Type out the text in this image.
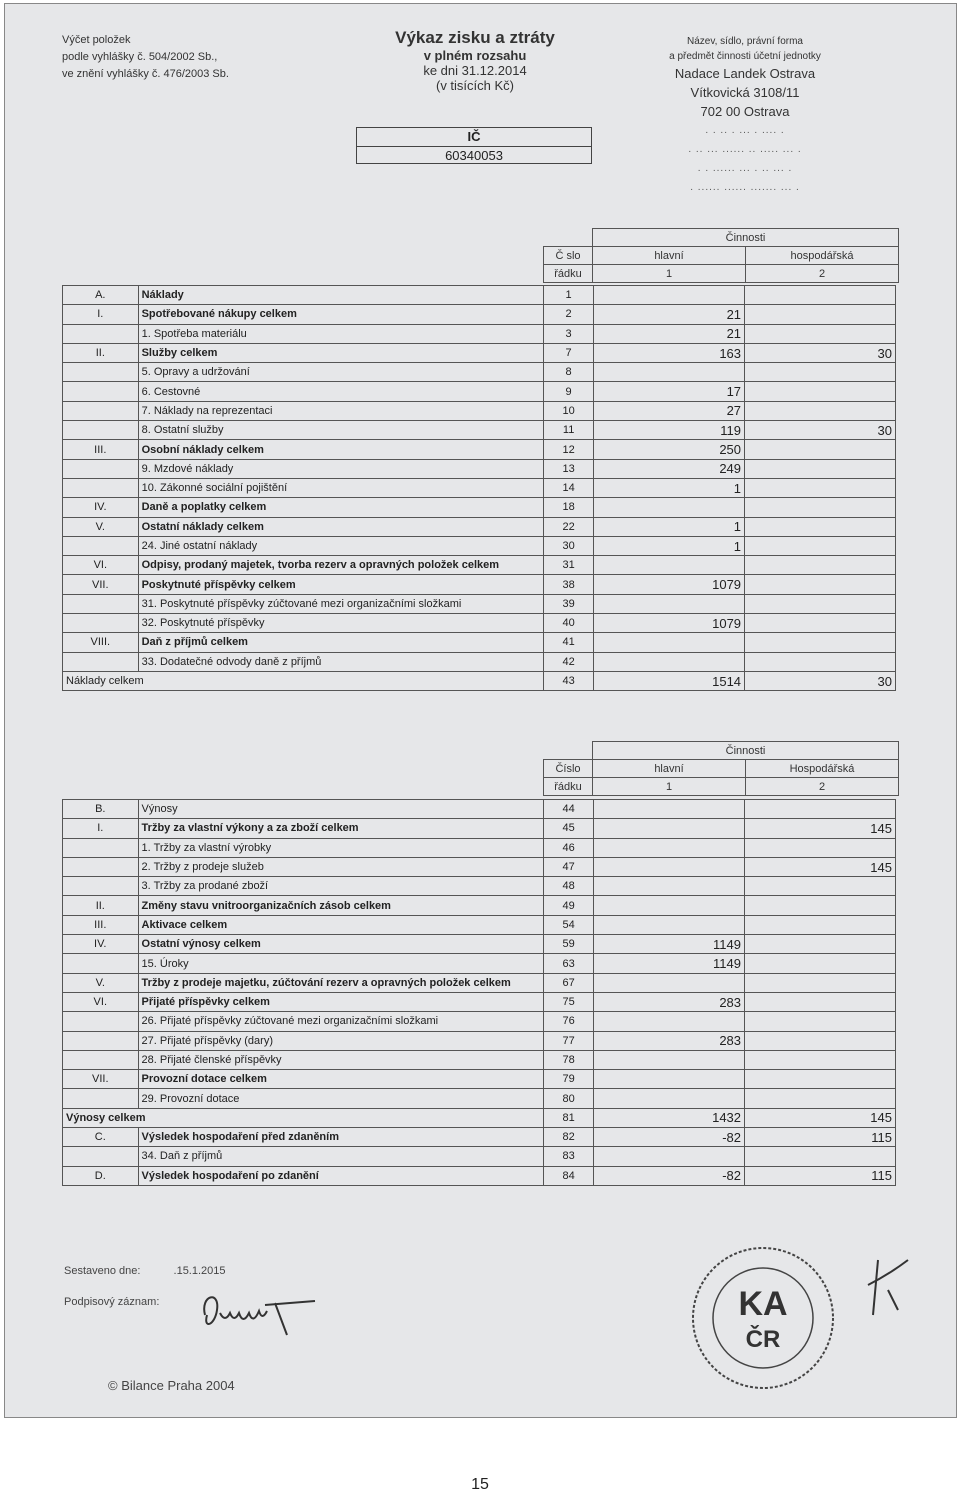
Výčet položek
podle vyhlášky č. 504/2002 Sb.,
ve znění vyhlášky č. 476/2003 Sb.
Výkaz zisku a ztráty
v plném rozsahu
ke dni 31.12.2014
(v tisících Kč)
IČ
60340053
Název, sídlo, právní forma
a předmět činnosti účetní jednotky
Nadace Landek Ostrava
Vítkovická 3108/11
702 00 Ostrava
. . .. . ... . .... .
. .. ... ...... .. ..... ... .
. . ...... ... . .. ... .
. ...... ...... ....... ... .
	Činnosti	
Č slo	hlavní	hospodářská
řádku	1	2
A.	Náklady	1		
I.	Spotřebované nákupy celkem	2	21	
	1. Spotřeba materiálu	3	21	
II.	Služby celkem	7	163	30
	5. Opravy a udržování	8		
	6. Cestovné	9	17	
	7. Náklady na reprezentaci	10	27	
	8. Ostatní služby	11	119	30
III.	Osobní náklady celkem	12	250	
	9. Mzdové náklady	13	249	
	10. Zákonné sociální pojištění	14	1	
IV.	Daně a poplatky celkem	18		
V.	Ostatní náklady celkem	22	1	
	24. Jiné ostatní náklady	30	1	
VI.	Odpisy, prodaný majetek, tvorba rezerv a opravných položek celkem	31		
VII.	Poskytnuté příspěvky celkem	38	1079	
	31. Poskytnuté příspěvky zúčtované mezi organizačními složkami	39		
	32. Poskytnuté příspěvky	40	1079	
VIII.	Daň z příjmů celkem	41		
	33. Dodatečné odvody daně z příjmů	42		
Náklady celkem		43	1514	30
	Činnosti	
Číslo	hlavní	Hospodářská
řádku	1	2
B.	Výnosy	44		
I.	Tržby za vlastní výkony a za zboží celkem	45		145
	1. Tržby za vlastní výrobky	46		
	2. Tržby z prodeje služeb	47		145
	3. Tržby za prodané zboží	48		
II.	Změny stavu vnitroorganizačních zásob celkem	49		
III.	Aktivace celkem	54		
IV.	Ostatní výnosy celkem	59	1149	
	15. Úroky	63	1149	
V.	Tržby z prodeje majetku, zúčtování rezerv a opravných položek celkem	67		
VI.	Přijaté příspěvky celkem	75	283	
	26. Přijaté příspěvky zúčtované mezi organizačními složkami	76		
	27. Přijaté příspěvky (dary)	77	283	
	28. Přijaté členské příspěvky	78		
VII.	Provozní dotace celkem	79		
	29. Provozní dotace	80		
Výnosy celkem		81	1432	145
C.	Výsledek hospodaření před zdaněním	82	-82	115
	34. Daň z příjmů	83		
D.	Výsledek hospodaření po zdanění	84	-82	115
Sestaveno dne:	.15.1.2015
Podpisový záznam:	KA
ČR
© Bilance Praha 2004
15
